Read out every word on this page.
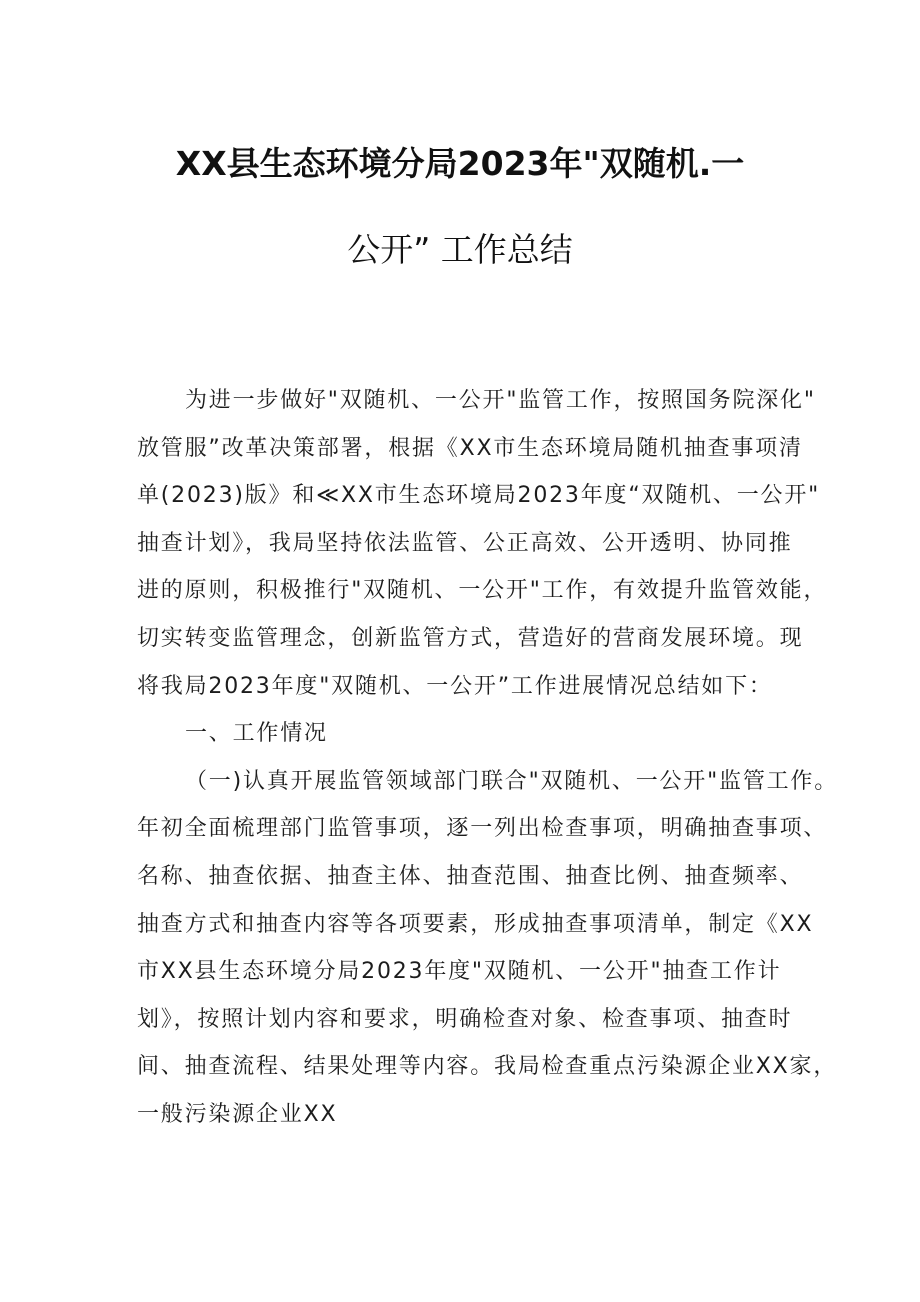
XX县生态环境分局2023年"双随机.一
公开” 工作总结
为进一步做好"双随机、一公开"监管工作，按照国务院深化"
放管服”改革决策部署，根据《XX市生态环境局随机抽查事项清
单(2023)版》和≪XX市生态环境局2023年度“双随机、一公开"
抽查计划》，我局坚持依法监管、公正高效、公开透明、协同推
进的原则，积极推行"双随机、一公开"工作，有效提升监管效能，
切实转变监管理念，创新监管方式，营造好的营商发展环境。现
将我局2023年度"双随机、一公开”工作进展情况总结如下：
一、工作情况
（一)认真开展监管领域部门联合"双随机、一公开"监管工作。
年初全面梳理部门监管事项，逐一列出检查事项，明确抽查事项、
名称、抽查依据、抽查主体、抽查范围、抽查比例、抽查频率、
抽查方式和抽查内容等各项要素，形成抽查事项清单，制定《XX
市XX县生态环境分局2023年度"双随机、一公开"抽查工作计
划》，按照计划内容和要求，明确检查对象、检查事项、抽查时
间、抽查流程、结果处理等内容。我局检查重点污染源企业XX家，
一般污染源企业XX
